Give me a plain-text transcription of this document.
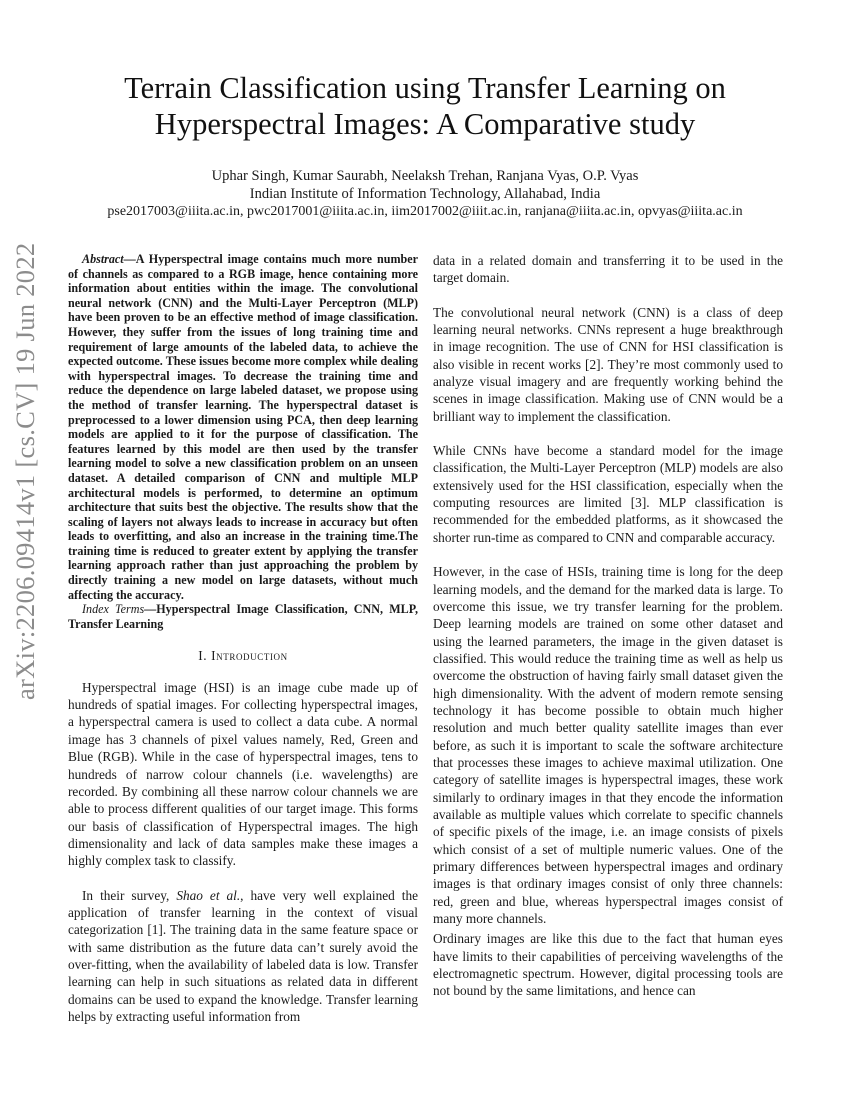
arXiv:2206.09414v1 [cs.CV] 19 Jun 2022
Terrain Classification using Transfer Learning on
Hyperspectral Images: A Comparative study
Uphar Singh, Kumar Saurabh, Neelaksh Trehan, Ranjana Vyas, O.P. Vyas
Indian Institute of Information Technology, Allahabad, India
pse2017003@iiita.ac.in, pwc2017001@iiita.ac.in, iim2017002@iiit.ac.in, ranjana@iiita.ac.in, opvyas@iiita.ac.in

Abstract—A Hyperspectral image contains much more number of channels as compared to a RGB image, hence containing more information about entities within the image. The convolutional neural network (CNN) and the Multi-Layer Perceptron (MLP) have been proven to be an effective method of image classification. However, they suffer from the issues of long training time and requirement of large amounts of the labeled data, to achieve the expected outcome. These issues become more complex while dealing with hyperspectral images. To decrease the training time and reduce the dependence on large labeled dataset, we propose using the method of transfer learning. The hyperspectral dataset is preprocessed to a lower dimension using PCA, then deep learning models are applied to it for the purpose of classification. The features learned by this model are then used by the transfer learning model to solve a new classification problem on an unseen dataset. A detailed comparison of CNN and multiple MLP architectural models is performed, to determine an optimum architecture that suits best the objective. The results show that the scaling of layers not always leads to increase in accuracy but often leads to overfitting, and also an increase in the training time.The training time is reduced to greater extent by applying the transfer learning approach rather than just approaching the problem by directly training a new model on large datasets, without much affecting the accuracy.

Index Terms—Hyperspectral Image Classification, CNN, MLP, Transfer Learning

I. Introduction

Hyperspectral image (HSI) is an image cube made up of hundreds of spatial images. For collecting hyperspectral images, a hyperspectral camera is used to collect a data cube. A normal image has 3 channels of pixel values namely, Red, Green and Blue (RGB). While in the case of hyperspectral images, tens to hundreds of narrow colour channels (i.e. wavelengths) are recorded. By combining all these narrow colour channels we are able to process different qualities of our target image. This forms our basis of classification of Hyperspectral images. The high dimensionality and lack of data samples make these images a highly complex task to classify.

In their survey, Shao et al., have very well explained the application of transfer learning in the context of visual categorization [1]. The training data in the same feature space or with same distribution as the future data can’t surely avoid the over-fitting, when the availability of labeled data is low. Transfer learning can help in such situations as related data in different domains can be used to expand the knowledge. Transfer learning helps by extracting useful information from

data in a related domain and transferring it to be used in the target domain.

The convolutional neural network (CNN) is a class of deep learning neural networks. CNNs represent a huge breakthrough in image recognition. The use of CNN for HSI classification is also visible in recent works [2]. They’re most commonly used to analyze visual imagery and are frequently working behind the scenes in image classification. Making use of CNN would be a brilliant way to implement the classification.

While CNNs have become a standard model for the image classification, the Multi-Layer Perceptron (MLP) models are also extensively used for the HSI classification, especially when the computing resources are limited [3]. MLP classification is recommended for the embedded platforms, as it showcased the shorter run-time as compared to CNN and comparable accuracy.

However, in the case of HSIs, training time is long for the deep learning models, and the demand for the marked data is large. To overcome this issue, we try transfer learning for the problem. Deep learning models are trained on some other dataset and using the learned parameters, the image in the given dataset is classified. This would reduce the training time as well as help us overcome the obstruction of having fairly small dataset given the high dimensionality. With the advent of modern remote sensing technology it has become possible to obtain much higher resolution and much better quality satellite images than ever before, as such it is important to scale the software architecture that processes these images to achieve maximal utilization. One category of satellite images is hyperspectral images, these work similarly to ordinary images in that they encode the information available as multiple values which correlate to specific channels of specific pixels of the image, i.e. an image consists of pixels which consist of a set of multiple numeric values. One of the primary differences between hyperspectral images and ordinary images is that ordinary images consist of only three channels: red, green and blue, whereas hyperspectral images consist of many more channels.

Ordinary images are like this due to the fact that human eyes have limits to their capabilities of perceiving wavelengths of the electromagnetic spectrum. However, digital processing tools are not bound by the same limitations, and hence can
